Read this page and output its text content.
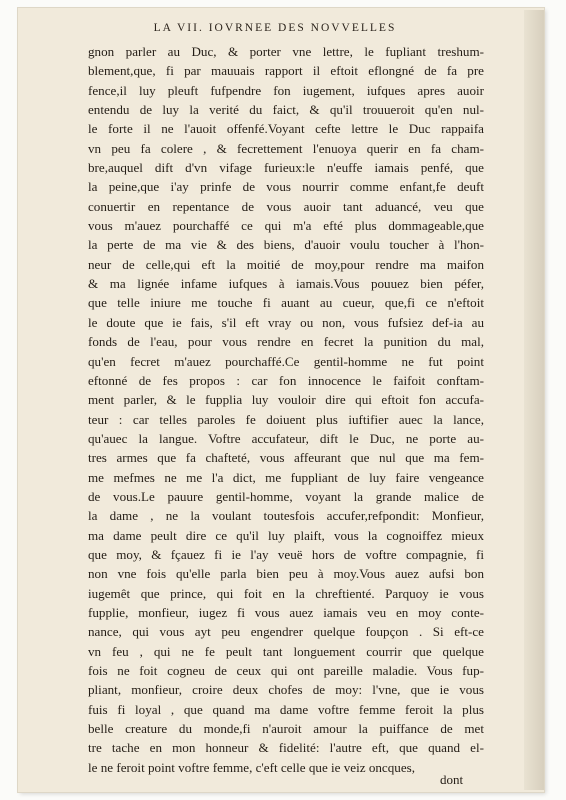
LA VII. IOVRNEE DES NOVVELLES
gnon parler au Duc, & porter vne lettre, le fupliant treshum-
blement,que, fi par mauuais rapport il eftoit eflongné de fa pre
fence,il luy pleuft fufpendre fon iugement, iufques apres auoir
entendu de luy la verité du faict, & qu'il trouueroit qu'en nul-
le forte il ne l'auoit offenfé.Voyant cefte lettre le Duc rappaifa
vn peu fa colere , & fecrettement l'enuoya querir en fa cham-
bre,auquel dift d'vn vifage furieux:le n'euffe iamais penfé, que
la peine,que i'ay prinfe de vous nourrir comme enfant,fe deuft
conuertir en repentance de vous auoir tant aduancé, veu que
vous m'auez pourchaffé ce qui m'a efté plus dommageable,que
la perte de ma vie & des biens, d'auoir voulu toucher à l'hon-
neur de celle,qui eft la moitié de moy,pour rendre ma maifon
& ma lignée infame iufques à iamais.Vous pouuez bien péfer,
que telle iniure me touche fi auant au cueur, que,fi ce n'eftoit
le doute que ie fais, s'il eft vray ou non, vous fufsiez def-ia au
fonds de l'eau, pour vous rendre en fecret la punition du mal,
qu'en fecret m'auez pourchaffé.Ce gentil-homme ne fut point
eftonné de fes propos : car fon innocence le faifoit conftam-
ment parler, & le fupplia luy vouloir dire qui eftoit fon accufa-
teur : car telles paroles fe doiuent plus iuftifier auec la lance,
qu'auec la langue. Voftre accufateur, dift le Duc, ne porte au-
tres armes que fa chafteté, vous affeurant que nul que ma fem-
me mefmes ne me l'a dict, me fuppliant de luy faire vengeance
de vous.Le pauure gentil-homme, voyant la grande malice de
la dame , ne la voulant toutesfois accufer,refpondit: Monfieur,
ma dame peult dire ce qu'il luy plaift, vous la cognoiffez mieux
que moy, & fçauez fi ie l'ay veuë hors de voftre compagnie, fi
non vne fois qu'elle parla bien peu à moy.Vous auez aufsi bon
iugemêt que prince, qui foit en la chreftienté. Parquoy ie vous
fupplie, monfieur, iugez fi vous auez iamais veu en moy conte-
nance, qui vous ayt peu engendrer quelque foupçon . Si eft-ce
vn feu , qui ne fe peult tant longuement courrir que quelque
fois ne foit cogneu de ceux qui ont pareille maladie. Vous fup-
pliant, monfieur, croire deux chofes de moy: l'vne, que ie vous
fuis fi loyal , que quand ma dame voftre femme feroit la plus
belle creature du monde,fi n'auroit amour la puiffance de met
tre tache en mon honneur & fidelité: l'autre eft, que quand el-
le ne feroit point voftre femme, c'eft celle que ie veiz oncques,
dont
